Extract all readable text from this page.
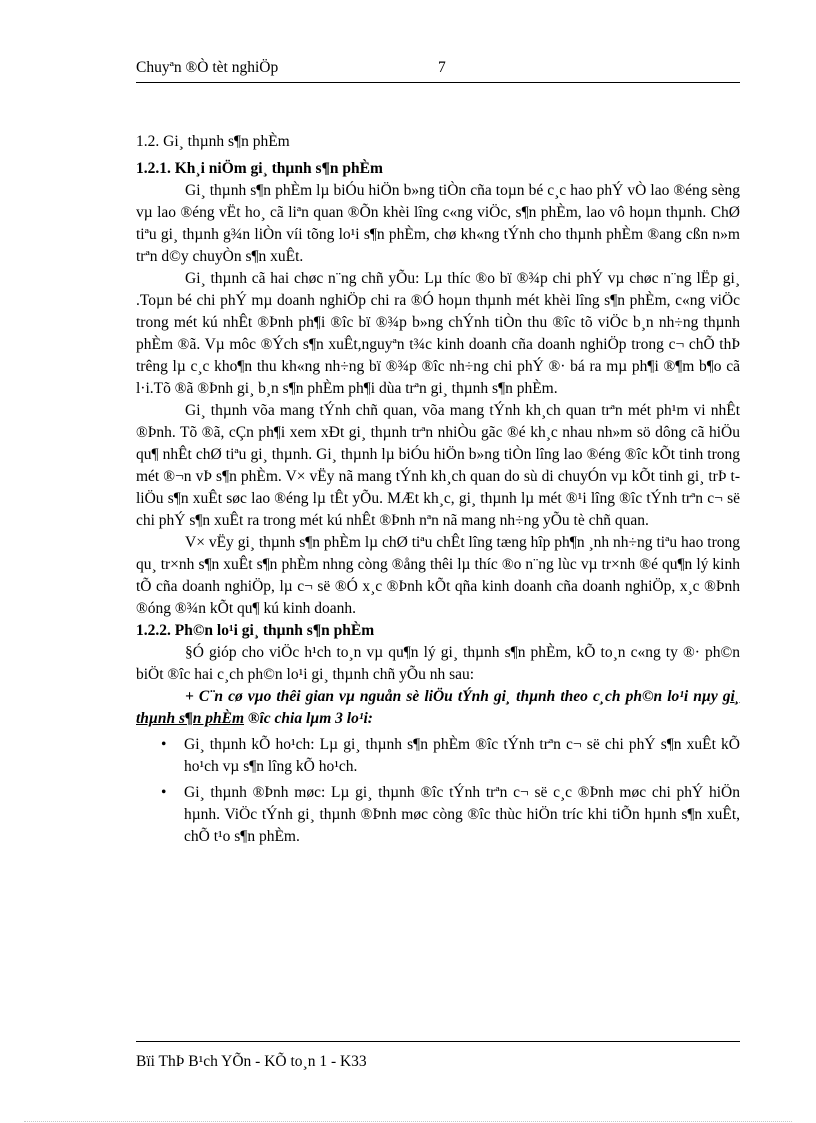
Chuyªn ®Ò tèt nghiÖp	7
1.2. Gi¸ thµnh s¶n phÈm
1.2.1. Kh¸i niÖm gi¸ thµnh s¶n phÈm

Gi¸ thµnh s¶n phÈm lµ biÓu hiÖn b»ng tiÒn cña toµn bé c¸c hao phÝ vÒ lao ®éng sèng vµ lao ®éng vËt ho¸ cã liªn quan ®Õn khèi lîng c«ng viÖc, s¶n phÈm, lao vô hoµn thµnh. ChØ tiªu gi¸ thµnh g¾n liÒn víi tõng lo¹i s¶n phÈm, chø kh«ng tÝnh cho thµnh phÈm ®ang cßn n»m trªn d©y chuyÒn s¶n xuÊt.

Gi¸ thµnh cã hai chøc n¨ng chñ yÕu: Lµ thíc ®o bï ®¾p chi phÝ vµ chøc n¨ng lËp gi¸ .Toµn bé chi phÝ mµ doanh nghiÖp chi ra ®Ó hoµn thµnh mét khèi lîng s¶n phÈm, c«ng viÖc trong mét kú nhÊt ®Þnh ph¶i ®îc bï ®¾p b»ng chÝnh tiÒn thu ®îc tõ viÖc b¸n nh÷ng thµnh phÈm ®ã. Vµ môc ®Ých s¶n xuÊt,nguyªn t¾c kinh doanh cña doanh nghiÖp trong c¬ chÕ thÞ trêng lµ c¸c kho¶n thu kh«ng nh÷ng bï ®¾p ®îc nh÷ng chi phÝ ®· bá ra mµ ph¶i ®¶m b¶o cã l·i.Tõ ®ã ®Þnh gi¸ b¸n s¶n phÈm ph¶i dùa trªn gi¸ thµnh s¶n phÈm.

Gi¸ thµnh võa mang tÝnh chñ quan, võa mang tÝnh kh¸ch quan trªn mét ph¹m vi nhÊt ®Þnh. Tõ ®ã, cÇn ph¶i xem xÐt gi¸ thµnh trªn nhiÒu gãc ®é kh¸c nhau nh»m sö dông cã hiÖu qu¶ nhÊt chØ tiªu gi¸ thµnh. Gi¸ thµnh lµ biÓu hiÖn b»ng tiÒn lîng lao ®éng ®îc kÕt tinh trong mét ®¬n vÞ s¶n phÈm. V× vËy nã mang tÝnh kh¸ch quan do sù di chuyÓn vµ kÕt tinh gi¸ trÞ t liÖu s¶n xuÊt søc lao ®éng lµ tÊt yÕu. MÆt kh¸c, gi¸ thµnh lµ mét ®¹i lîng ®îc tÝnh trªn c¬ së chi phÝ s¶n xuÊt ra trong mét kú nhÊt ®Þnh nªn nã mang nh÷ng yÕu tè chñ quan.

V× vËy gi¸ thµnh s¶n phÈm lµ chØ tiªu chÊt lîng tæng hîp ph¶n ¸nh nh÷ng tiªu hao trong qu¸ tr×nh s¶n xuÊt s¶n phÈm nhng còng ®ång thêi lµ thíc ®o n¨ng lùc vµ tr×nh ®é qu¶n lý kinh tÕ cña doanh nghiÖp, lµ c¬ së ®Ó x¸c ®Þnh kÕt qña kinh doanh cña doanh nghiÖp, x¸c ®Þnh ®óng ®¾n kÕt qu¶ kú kinh doanh.

1.2.2. Ph©n lo¹i gi¸ thµnh s¶n phÈm

§Ó gióp cho viÖc h¹ch to¸n vµ qu¶n lý gi¸ thµnh s¶n phÈm, kÕ to¸n c«ng ty ®· ph©n biÖt ®îc hai c¸ch ph©n lo¹i gi¸ thµnh chñ yÕu nh sau:

+ C¨n cø vµo thêi gian vµ nguån sè liÖu tÝnh gi¸ thµnh theo c¸ch ph©n lo¹i nµy gi¸ thµnh s¶n phÈm ®îc chia lµm 3 lo¹i:

• Gi¸ thµnh kÕ ho¹ch: Lµ gi¸ thµnh s¶n phÈm ®îc tÝnh trªn c¬ së chi phÝ s¶n xuÊt kÕ ho¹ch vµ s¶n lîng kÕ ho¹ch.
• Gi¸ thµnh ®Þnh møc: Lµ gi¸ thµnh ®îc tÝnh trªn c¬ së c¸c ®Þnh møc chi phÝ hiÖn hµnh. ViÖc tÝnh gi¸ thµnh ®Þnh møc còng ®îc thùc hiÖn tríc khi tiÕn hµnh s¶n xuÊt, chÕ t¹o s¶n phÈm.
Bïi ThÞ B¹ch YÕn - KÕ to¸n 1 - K33
